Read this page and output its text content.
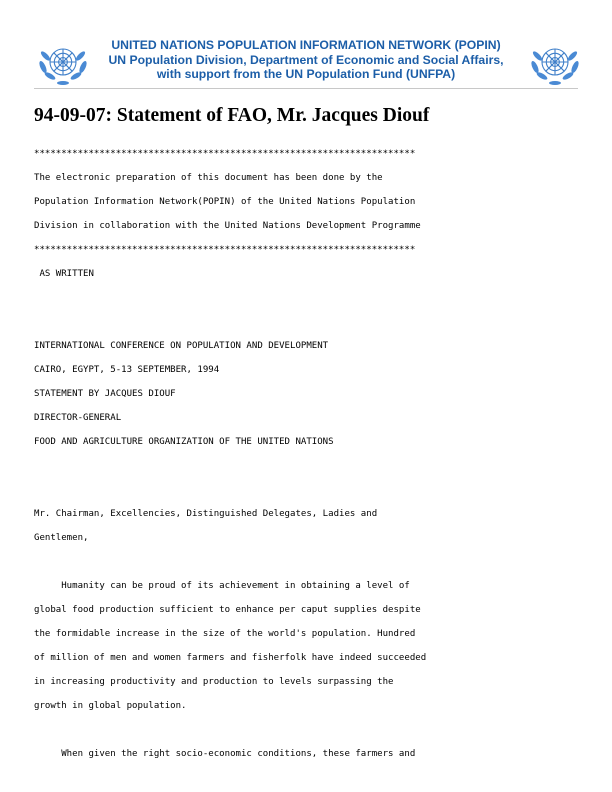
UNITED NATIONS POPULATION INFORMATION NETWORK (POPIN)
UN Population Division, Department of Economic and Social Affairs,
with support from the UN Population Fund (UNFPA)
94-09-07: Statement of FAO, Mr. Jacques Diouf
**********************************************************************
The electronic preparation of this document has been done by the
Population Information Network(POPIN) of the United Nations Population
Division in collaboration with the United Nations Development Programme
**********************************************************************
AS WRITTEN
INTERNATIONAL CONFERENCE ON POPULATION AND DEVELOPMENT
CAIRO, EGYPT, 5-13 SEPTEMBER, 1994
STATEMENT BY JACQUES DIOUF
DIRECTOR-GENERAL
FOOD AND AGRICULTURE ORGANIZATION OF THE UNITED NATIONS
Mr. Chairman, Excellencies, Distinguished Delegates, Ladies and
Gentlemen,
Humanity can be proud of its achievement in obtaining a level of
global food production sufficient to enhance per caput supplies despite
the formidable increase in the size of the world's population. Hundred
of million of men and women farmers and fisherfolk have indeed succeeded
in increasing productivity and production to levels surpassing the
growth in global population.
When given the right socio-economic conditions, these farmers and
